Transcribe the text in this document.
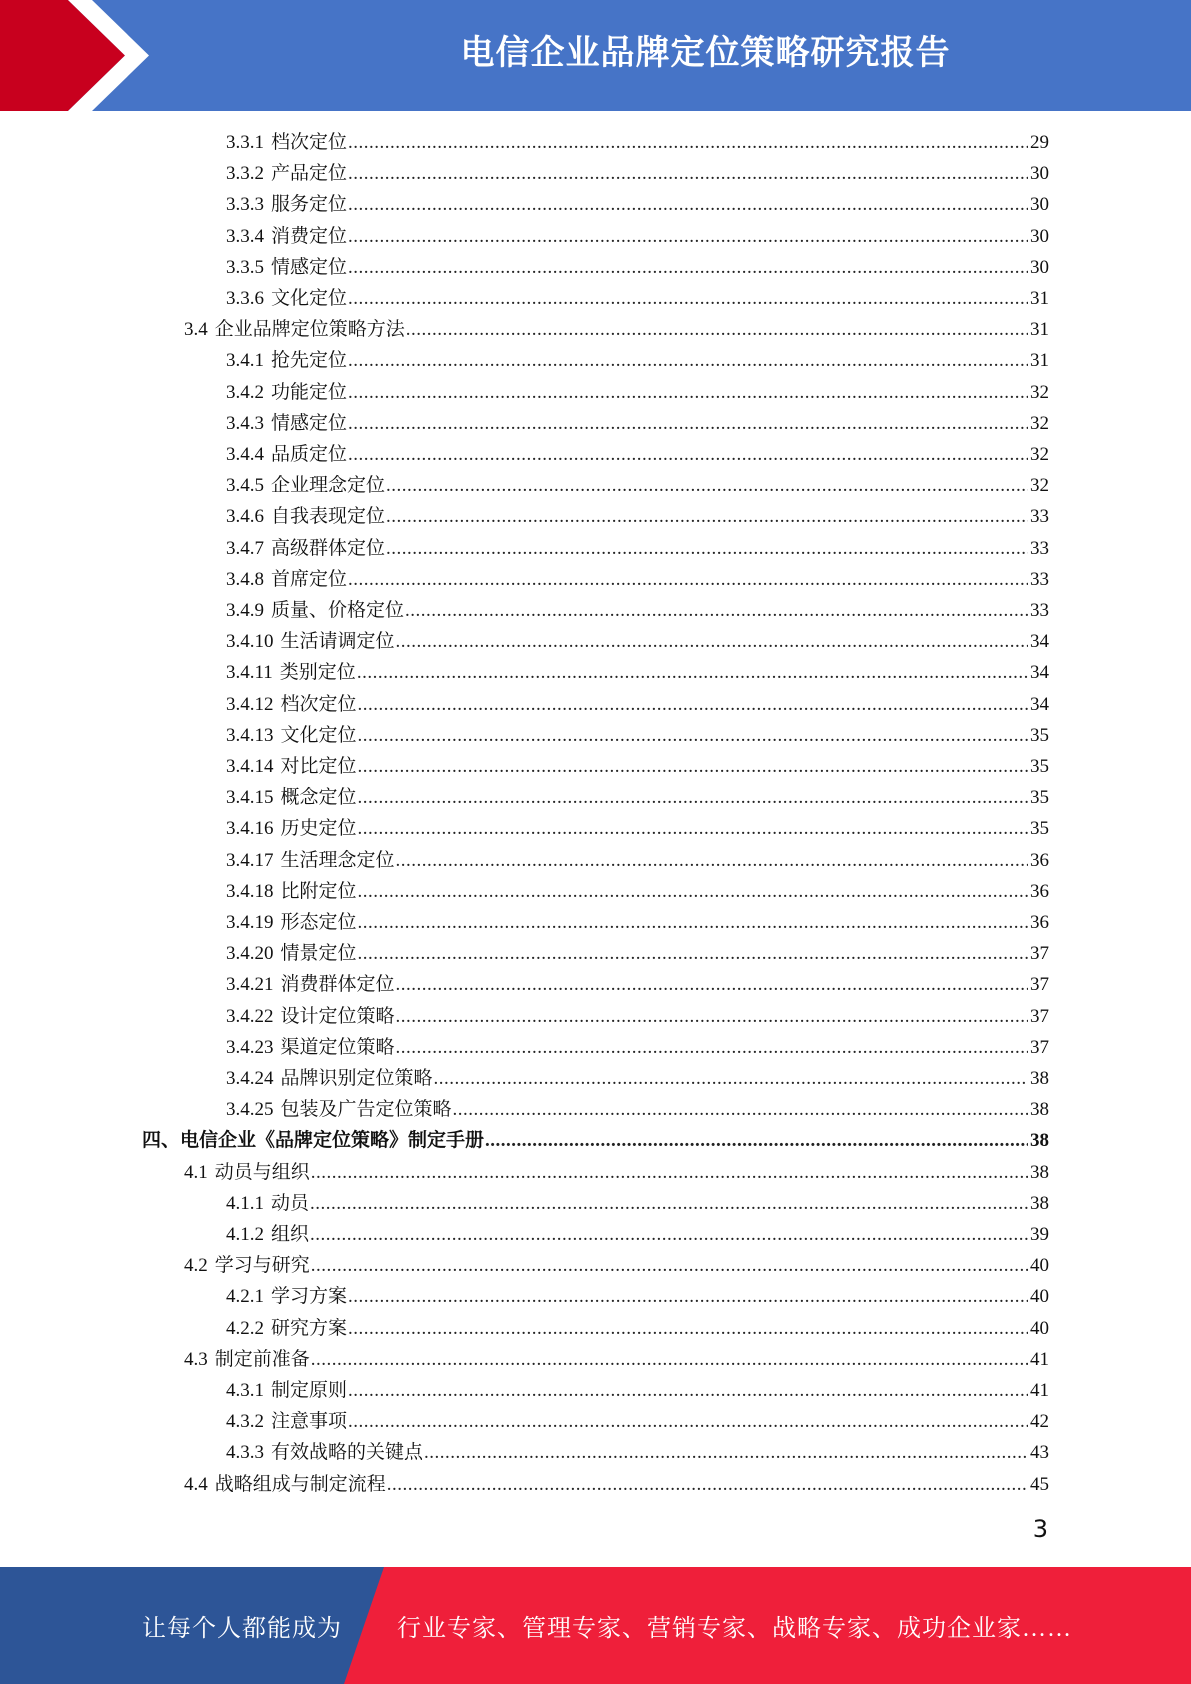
电信企业品牌定位策略研究报告
3.3.1 档次定位 .....	29
3.3.2 产品定位 .....	30
3.3.3 服务定位 .....	30
3.3.4 消费定位 .....	30
3.3.5 情感定位 .....	30
3.3.6 文化定位 .....	31
3.4 企业品牌定位策略方法 .....	31
3.4.1 抢先定位 .....	31
3.4.2 功能定位 .....	32
3.4.3 情感定位 .....	32
3.4.4 品质定位 .....	32
3.4.5 企业理念定位 .....	32
3.4.6 自我表现定位 .....	33
3.4.7 高级群体定位 .....	33
3.4.8 首席定位 .....	33
3.4.9 质量、价格定位 .....	33
3.4.10 生活请调定位 .....	34
3.4.11 类别定位 .....	34
3.4.12 档次定位 .....	34
3.4.13 文化定位 .....	35
3.4.14 对比定位 .....	35
3.4.15 概念定位 .....	35
3.4.16 历史定位 .....	35
3.4.17 生活理念定位 .....	36
3.4.18 比附定位 .....	36
3.4.19 形态定位 .....	36
3.4.20 情景定位 .....	37
3.4.21 消费群体定位 .....	37
3.4.22 设计定位策略 .....	37
3.4.23 渠道定位策略 .....	37
3.4.24 品牌识别定位策略 .....	38
3.4.25 包装及广告定位策略 .....	38
四、 电信企业《品牌定位策略》制定手册 .....	38
4.1 动员与组织 .....	38
4.1.1 动员 .....	38
4.1.2 组织 .....	39
4.2 学习与研究 .....	40
4.2.1 学习方案 .....	40
4.2.2 研究方案 .....	40
4.3 制定前准备 .....	41
4.3.1 制定原则 .....	41
4.3.2 注意事项 .....	42
4.3.3 有效战略的关键点 .....	43
4.4 战略组成与制定流程 .....	45
3
让每个人都能成为 行业专家、管理专家、营销专家、战略专家、成功企业家……
